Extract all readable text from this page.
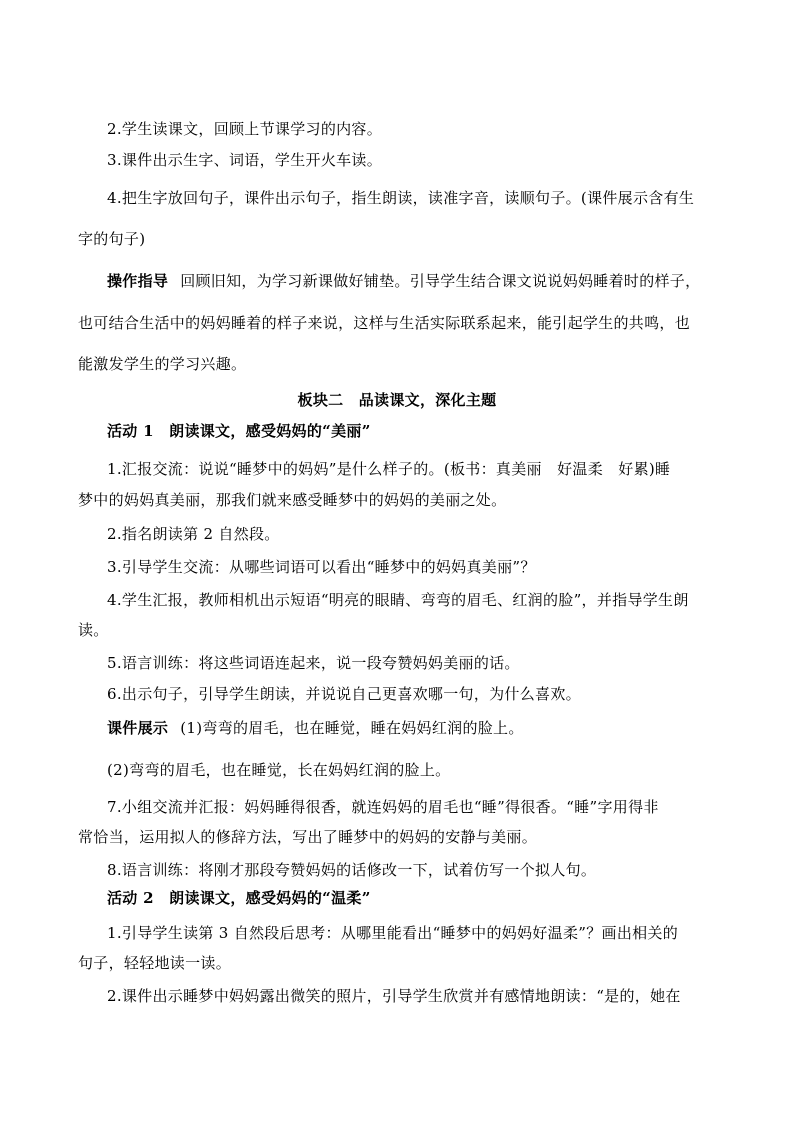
2.学生读课文，回顾上节课学习的内容。
3.课件出示生字、词语，学生开火车读。
4.把生字放回句子，课件出示句子，指生朗读，读准字音，读顺句子。(课件展示含有生
字的句子)
操作指导 回顾旧知，为学习新课做好铺垫。引导学生结合课文说说妈妈睡着时的样子，
也可结合生活中的妈妈睡着的样子来说，这样与生活实际联系起来，能引起学生的共鸣，也
能激发学生的学习兴趣。
板块二　品读课文，深化主题
活动 1　朗读课文，感受妈妈的“美丽”
1.汇报交流：说说“睡梦中的妈妈”是什么样子的。(板书：真美丽　好温柔　好累)睡
梦中的妈妈真美丽，那我们就来感受睡梦中的妈妈的美丽之处。
2.指名朗读第 2 自然段。
3.引导学生交流：从哪些词语可以看出“睡梦中的妈妈真美丽”？
4.学生汇报，教师相机出示短语“明亮的眼睛、弯弯的眉毛、红润的脸”，并指导学生朗
读。
5.语言训练：将这些词语连起来，说一段夸赞妈妈美丽的话。
6.出示句子，引导学生朗读，并说说自己更喜欢哪一句，为什么喜欢。
课件展示 (1)弯弯的眉毛，也在睡觉，睡在妈妈红润的脸上。
(2)弯弯的眉毛，也在睡觉，长在妈妈红润的脸上。
7.小组交流并汇报：妈妈睡得很香，就连妈妈的眉毛也“睡”得很香。“睡”字用得非
常恰当，运用拟人的修辞方法，写出了睡梦中的妈妈的安静与美丽。
8.语言训练：将刚才那段夸赞妈妈的话修改一下，试着仿写一个拟人句。
活动 2　朗读课文，感受妈妈的“温柔”
1.引导学生读第 3 自然段后思考：从哪里能看出“睡梦中的妈妈好温柔”？画出相关的
句子，轻轻地读一读。
2.课件出示睡梦中妈妈露出微笑的照片，引导学生欣赏并有感情地朗读：“是的，她在
